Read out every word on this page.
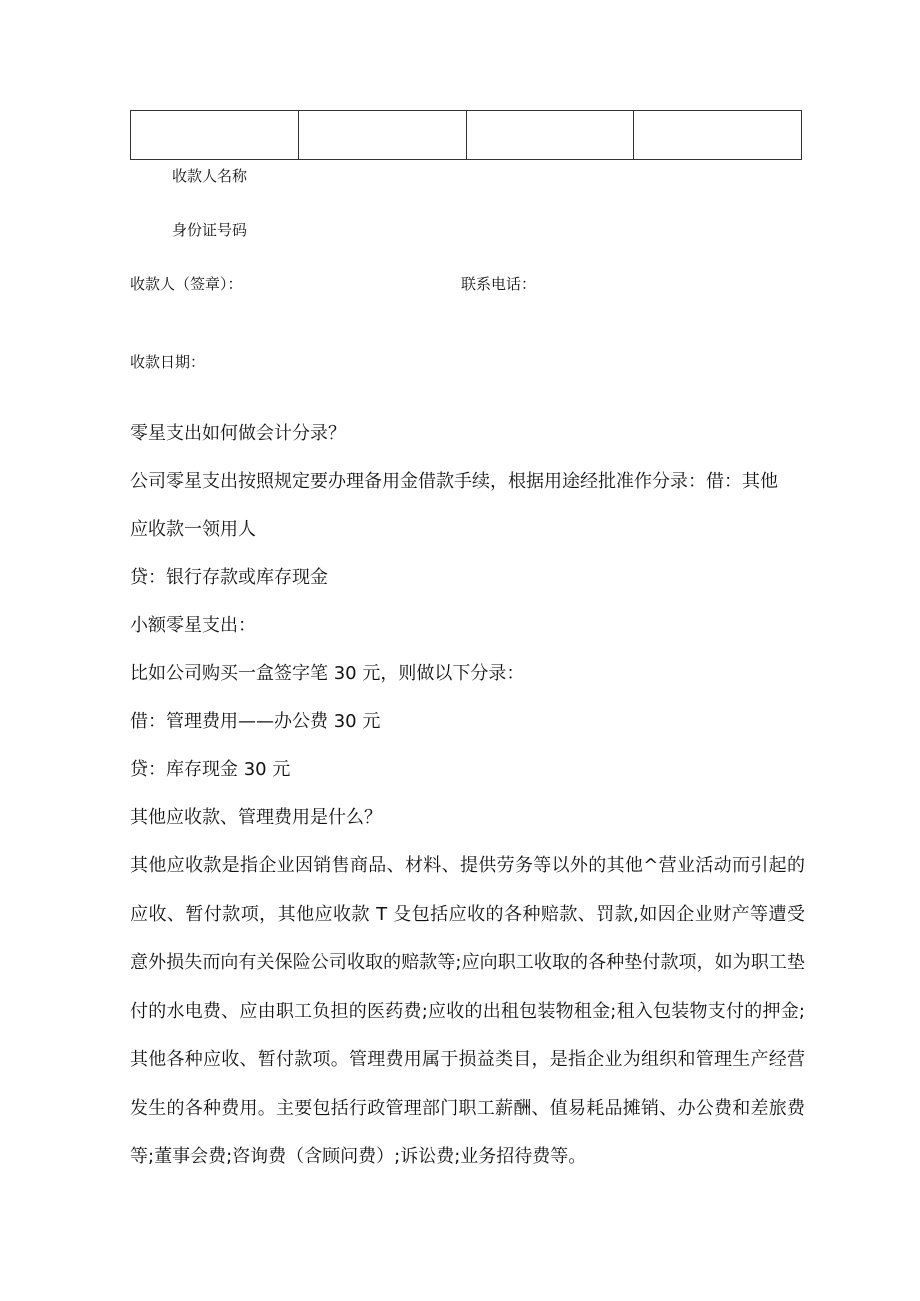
收款人名称
身份证号码
收款人（签章）：	联系电话：
收款日期：

零星支出如何做会计分录？

公司零星支出按照规定要办理备用金借款手续，根据用途经批准作分录：借：其他

应收款一领用人

贷：银行存款或库存现金

小额零星支出：

比如公司购买一盒签字笔 30 元，则做以下分录：

借：管理费用——办公费 30 元

贷：库存现金 30 元

其他应收款、管理费用是什么？

其他应收款是指企业因销售商品、材料、提供劳务等以外的其他^营业活动而引起的应收、暂付款项，其他应收款 T 殳包括应收的各种赔款、罚款,如因企业财产等遭受意外损失而向有关保险公司收取的赔款等;应向职工收取的各种垫付款项，如为职工垫付的水电费、应由职工负担的医药费;应收的出租包装物租金;租入包装物支付的押金;其他各种应收、暂付款项。管理费用属于损益类目，是指企业为组织和管理生产经营发生的各种费用。主要包括行政管理部门职工薪酬、值易耗品摊销、办公费和差旅费等;董事会费;咨询费（含顾问费）;诉讼费;业务招待费等。
